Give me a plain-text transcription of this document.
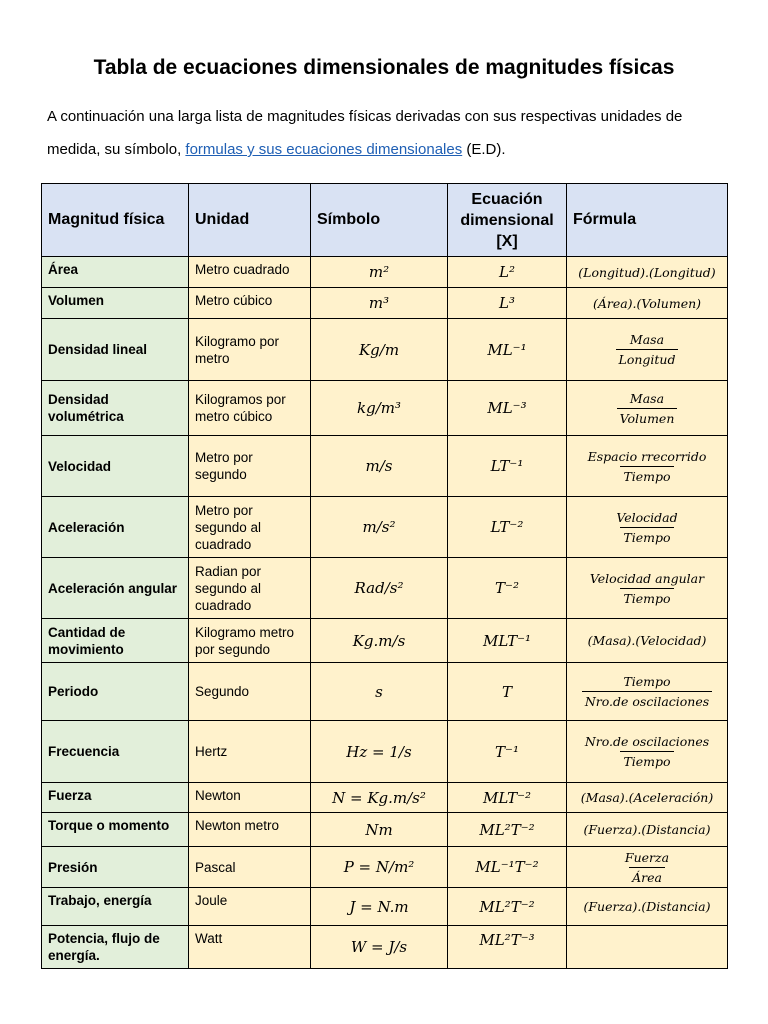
Tabla de ecuaciones dimensionales de magnitudes físicas
A continuación una larga lista de magnitudes físicas derivadas con sus respectivas unidades de medida, su símbolo, formulas y sus ecuaciones dimensionales (E.D).
Magnitud física	Unidad	Símbolo	Ecuación dimensional [X]	Fórmula
Área	Metro cuadrado	m²	L²	(Longitud).(Longitud)
Volumen	Metro cúbico	m³	L³	(Área).(Volumen)
Densidad lineal	Kilogramo por metro	Kg/m	ML⁻¹	$\frac{\text{Masa}}{\text{Longitud}}$

Densidad volumétrica	Kilogramos por metro cúbico	kg/m³	ML⁻³	$\frac{\text{Masa}}{\text{Volumen}}$

Velocidad	Metro por segundo	m/s	LT⁻¹	$\frac{\text{Espacio rrecorrido}}{\text{Tiempo}}$

Aceleración	Metro por segundo al cuadrado	m/s²	LT⁻²	$\frac{\text{Velocidad}}{\text{Tiempo}}$

Aceleración angular	Radian por segundo al cuadrado	Rad/s²	T⁻²	$\frac{\text{Velocidad angular}}{\text{Tiempo}}$

Cantidad de movimiento	Kilogramo metro por segundo	Kg.m/s	MLT⁻¹	(Masa).(Velocidad)
Periodo	Segundo	s	T	$\frac{\text{Tiempo}}{\text{Nro.de oscilaciones}}$

Frecuencia	Hertz	Hz = 1/s	T⁻¹	$\frac{\text{Nro.de oscilaciones}}{\text{Tiempo}}$

Fuerza	Newton	N = Kg.m/s²	MLT⁻²	(Masa).(Aceleración)
Torque o momento	Newton metro	Nm	ML²T⁻²	(Fuerza).(Distancia)
Presión	Pascal	P = N/m²	ML⁻¹T⁻²	$\frac{\text{Fuerza}}{\text{Área}}$

Trabajo, energía	Joule	J = N.m	ML²T⁻²	(Fuerza).(Distancia)
Potencia, flujo de energía.	Watt	W = J/s	ML²T⁻³	
